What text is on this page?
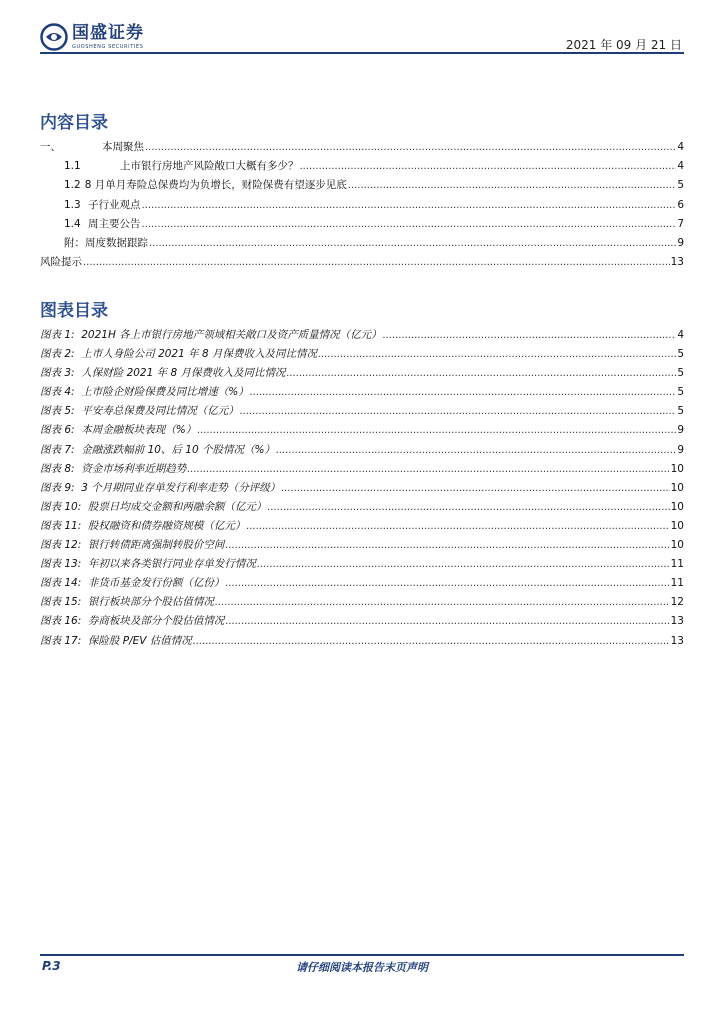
国盛证券
GUOSHENG SECURITIES	2021 年 09 月 21 日
内容目录
一、	本周聚焦 .....	4
1.1	上市银行房地产风险敞口大概有多少？ .....	4
1.2 8 月单月寿险总保费均为负增长，财险保费有望逐步见底 .....	5
1.3 子行业观点 .....	6
1.4 周主要公告 .....	7
附：周度数据跟踪 .....	9
风险提示 .....	13
图表目录
图表 1:  2021H 各上市银行房地产领域相关敞口及资产质量情况（亿元） .....	4
图表 2:  上市人身险公司 2021 年 8 月保费收入及同比情况 .....	5
图表 3:  人保财险 2021 年 8 月保费收入及同比情况 .....	5
图表 4:  上市险企财险保费及同比增速（%） .....	5
图表 5:  平安寿总保费及同比情况（亿元） .....	5
图表 6:  本周金融板块表现（%） .....	9
图表 7:  金融涨跌幅前 10、后 10 个股情况（%） .....	9
图表 8:  资金市场利率近期趋势 .....	10
图表 9:  3 个月期同业存单发行利率走势（分评级） .....	10
图表 10:  股票日均成交金额和两融余额（亿元） .....	10
图表 11:  股权融资和债券融资规模（亿元） .....	10
图表 12:  银行转债距离强制转股价空间 .....	10
图表 13:  年初以来各类银行同业存单发行情况 .....	11
图表 14:  非货币基金发行份额（亿份） .....	11
图表 15:  银行板块部分个股估值情况 .....	12
图表 16:  券商板块及部分个股估值情况 .....	13
图表 17:  保险股 P/EV 估值情况 .....	13
P.3	请仔细阅读本报告末页声明
